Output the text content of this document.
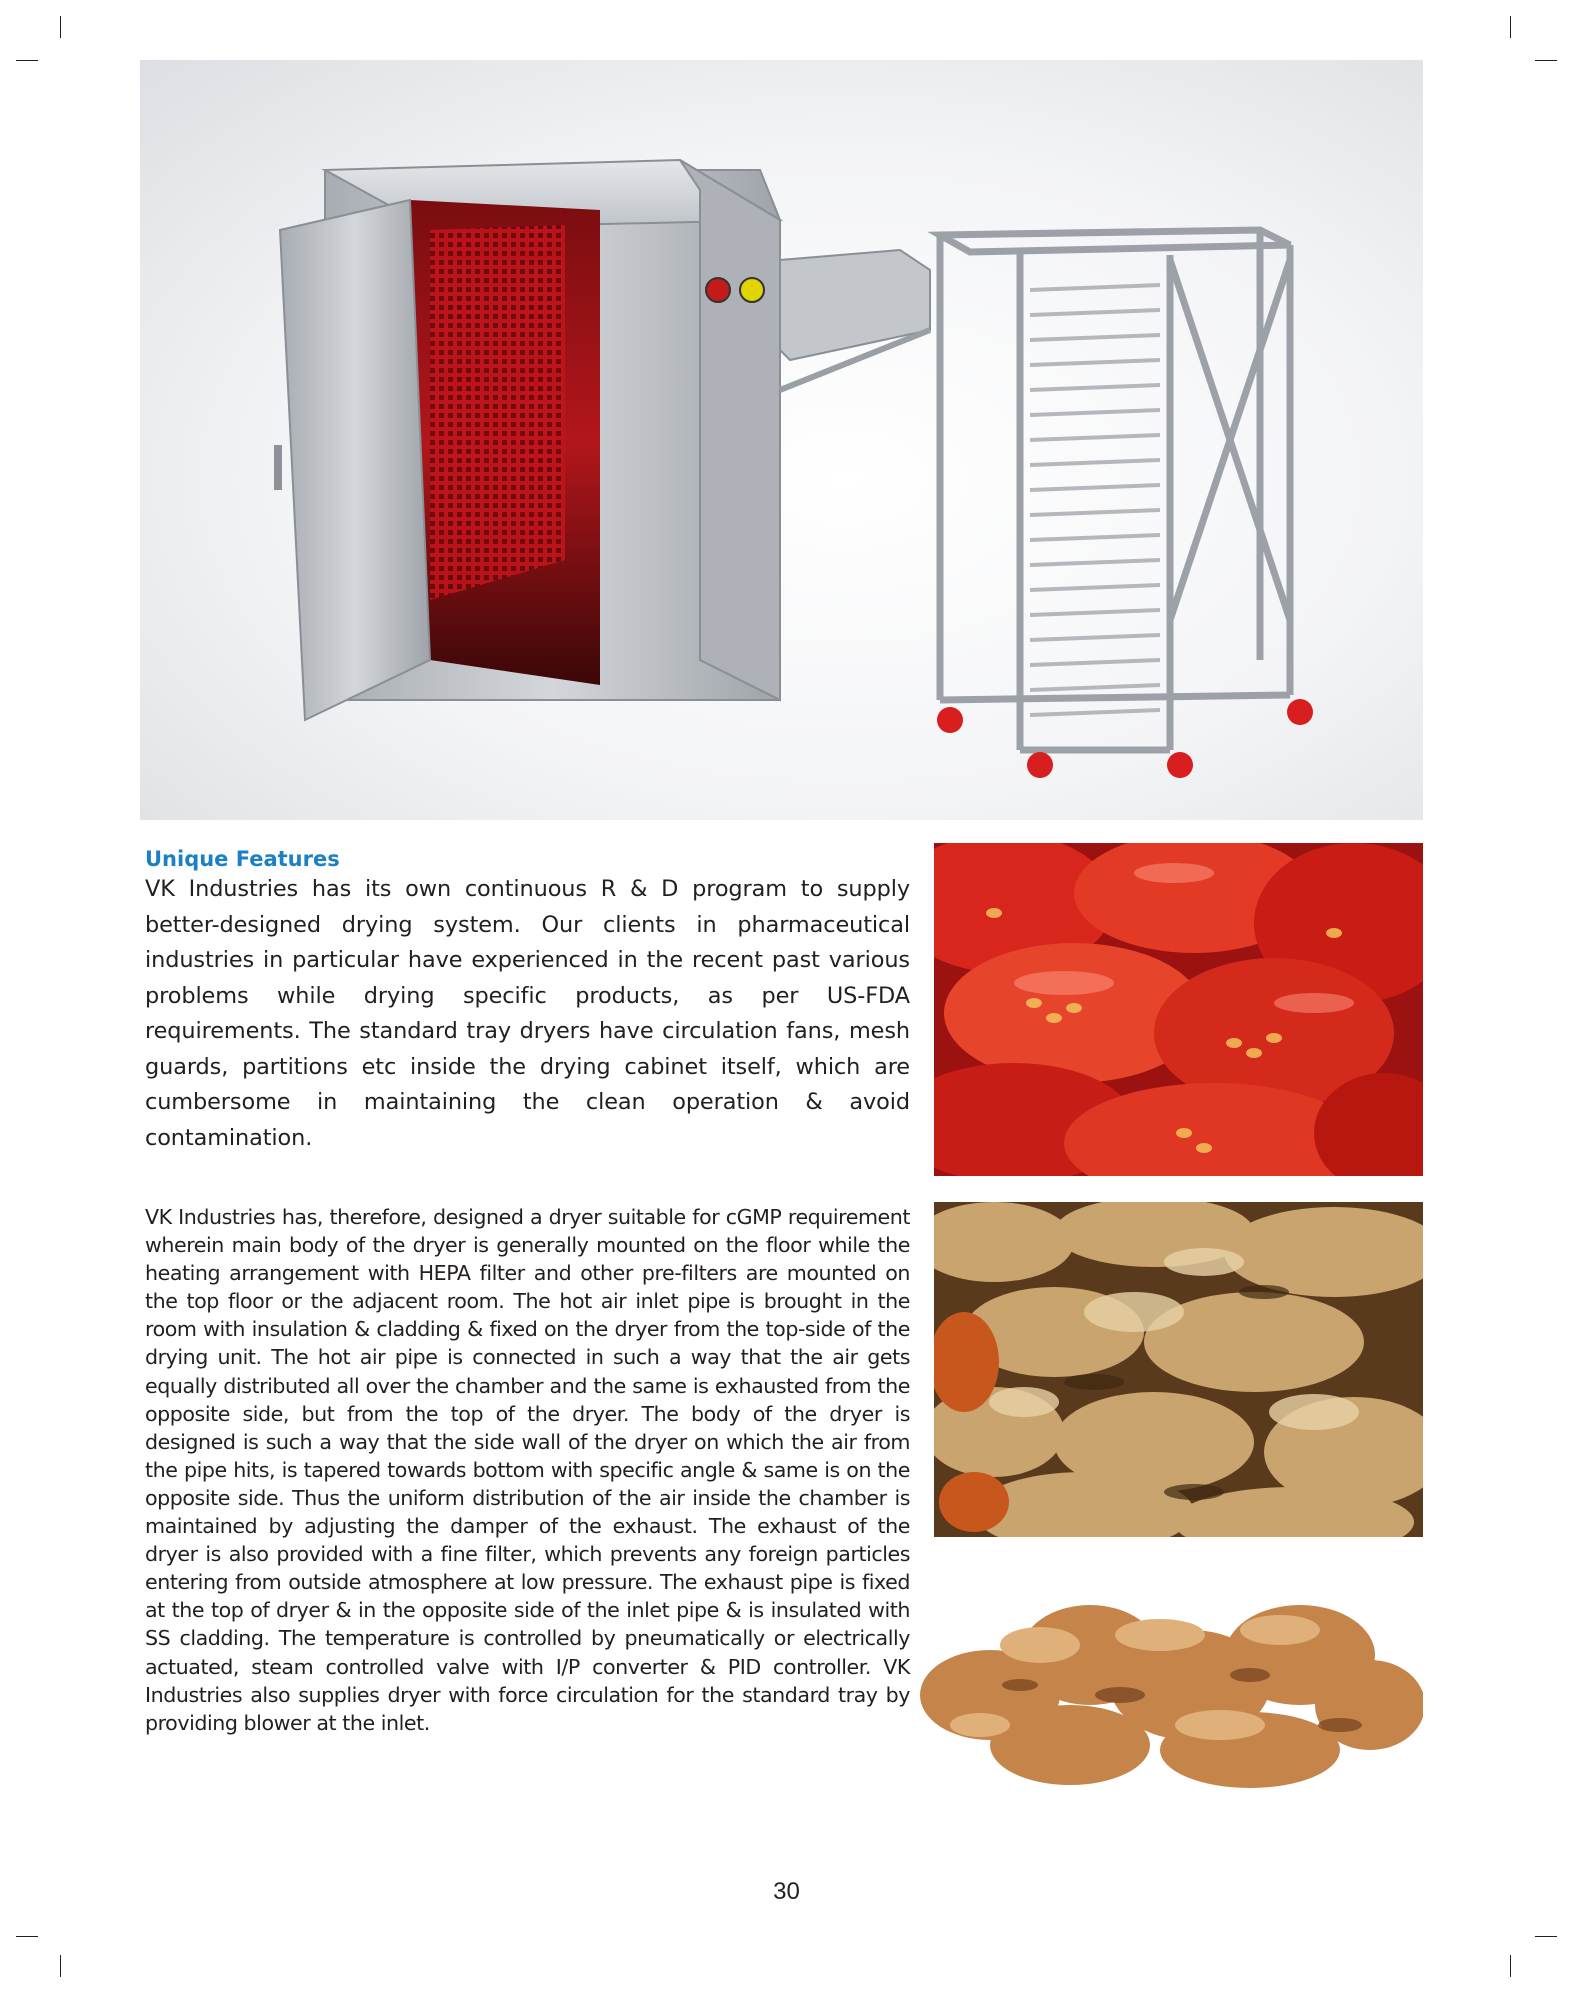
Unique Features

VK Industries has its own continuous R & D program to supply better-designed drying system. Our clients in pharmaceutical industries in particular have experienced in the recent past various problems while drying specific products, as per US-FDA requirements. The standard tray dryers have circulation fans, mesh guards, partitions etc inside the drying cabinet itself, which are cumbersome in maintaining the clean operation & avoid contamination.

VK Industries has, therefore, designed a dryer suitable for cGMP requirement wherein main body of the dryer is generally mounted on the floor while the heating arrangement with HEPA filter and other pre-filters are mounted on the top floor or the adjacent room. The hot air inlet pipe is brought in the room with insulation & cladding & fixed on the dryer from the top-side of the drying unit. The hot air pipe is connected in such a way that the air gets equally distributed all over the chamber and the same is exhausted from the opposite side, but from the top of the dryer. The body of the dryer is designed is such a way that the side wall of the dryer on which the air from the pipe hits, is tapered towards bottom with specific angle & same is on the opposite side. Thus the uniform distribution of the air inside the chamber is maintained by adjusting the damper of the exhaust. The exhaust of the dryer is also provided with a fine filter, which prevents any foreign particles entering from outside atmosphere at low pressure. The exhaust pipe is fixed at the top of dryer & in the opposite side of the inlet pipe & is insulated with SS cladding. The temperature is controlled by pneumatically or electrically actuated, steam controlled valve with I/P converter & PID controller. VK Industries also supplies dryer with force circulation for the standard tray by providing blower at the inlet.

30
